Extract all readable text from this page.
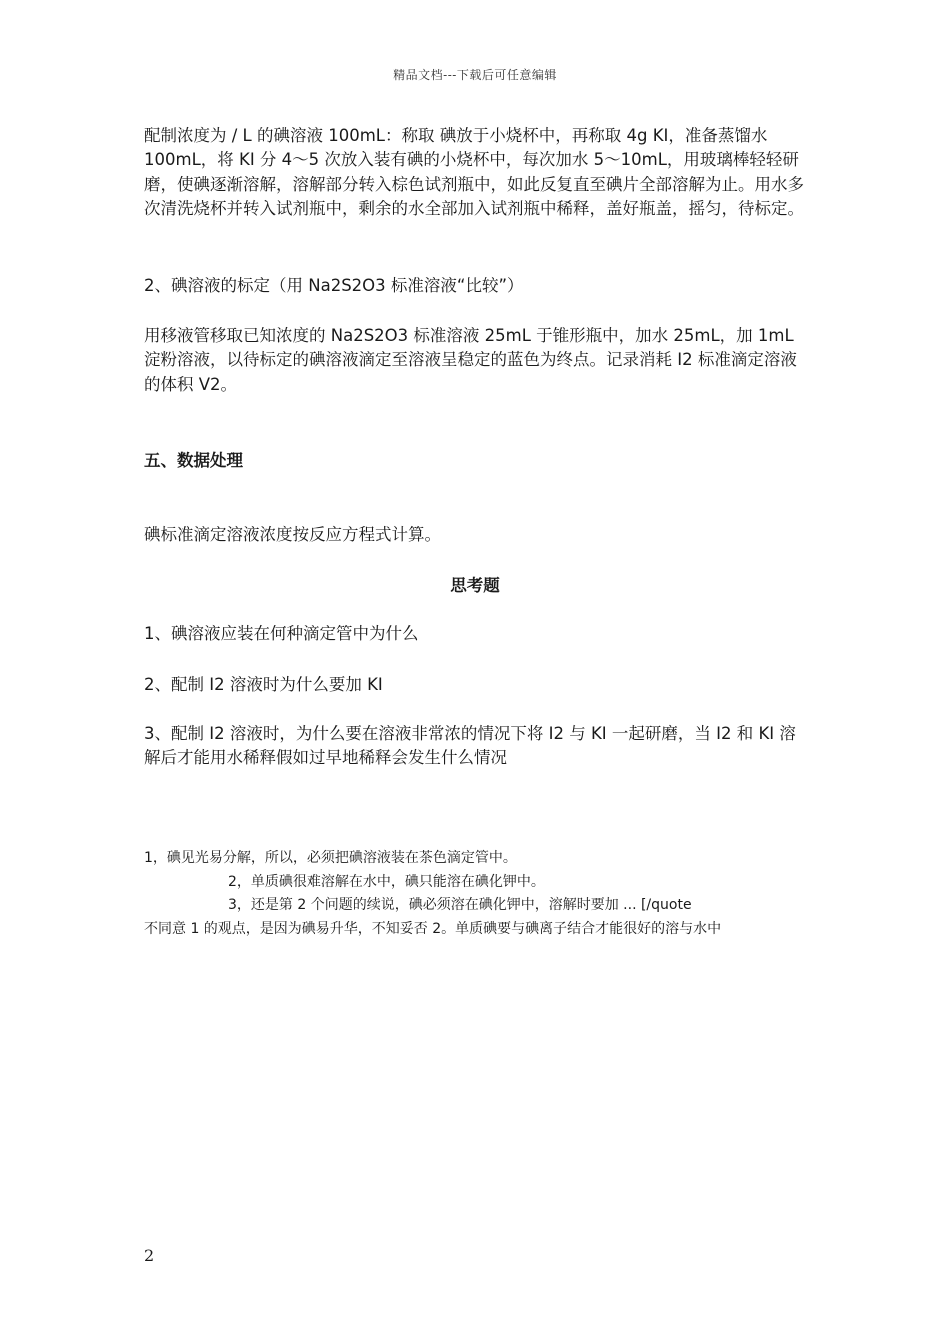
精品文档---下载后可任意编辑

配制浓度为 / L 的碘溶液 100mL：称取 碘放于小烧杯中，再称取 4g KI，准备蒸馏水 100mL，将 KI 分 4～5 次放入装有碘的小烧杯中，每次加水 5～10mL，用玻璃棒轻轻研磨，使碘逐渐溶解，溶解部分转入棕色试剂瓶中，如此反复直至碘片全部溶解为止。用水多次清洗烧杯并转入试剂瓶中，剩余的水全部加入试剂瓶中稀释，盖好瓶盖，摇匀，待标定。

2、碘溶液的标定（用 Na2S2O3 标准溶液“比较”）

用移液管移取已知浓度的 Na2S2O3 标准溶液 25mL 于锥形瓶中，加水 25mL，加 1mL 淀粉溶液，以待标定的碘溶液滴定至溶液呈稳定的蓝色为终点。记录消耗 I2 标准滴定溶液的体积 V2。

五、数据处理

碘标准滴定溶液浓度按反应方程式计算。

思考题

1、碘溶液应装在何种滴定管中为什么

2、配制 I2 溶液时为什么要加 KI

3、配制 I2 溶液时，为什么要在溶液非常浓的情况下将 I2 与 KI 一起研磨，当 I2 和 KI 溶解后才能用水稀释假如过早地稀释会发生什么情况

1，碘见光易分解，所以，必须把碘溶液装在茶色滴定管中。
2，单质碘很难溶解在水中，碘只能溶在碘化钾中。
3，还是第 2 个问题的续说，碘必须溶在碘化钾中，溶解时要加 ... [/quote
不同意 1 的观点，是因为碘易升华，不知妥否 2。单质碘要与碘离子结合才能很好的溶与水中
2
